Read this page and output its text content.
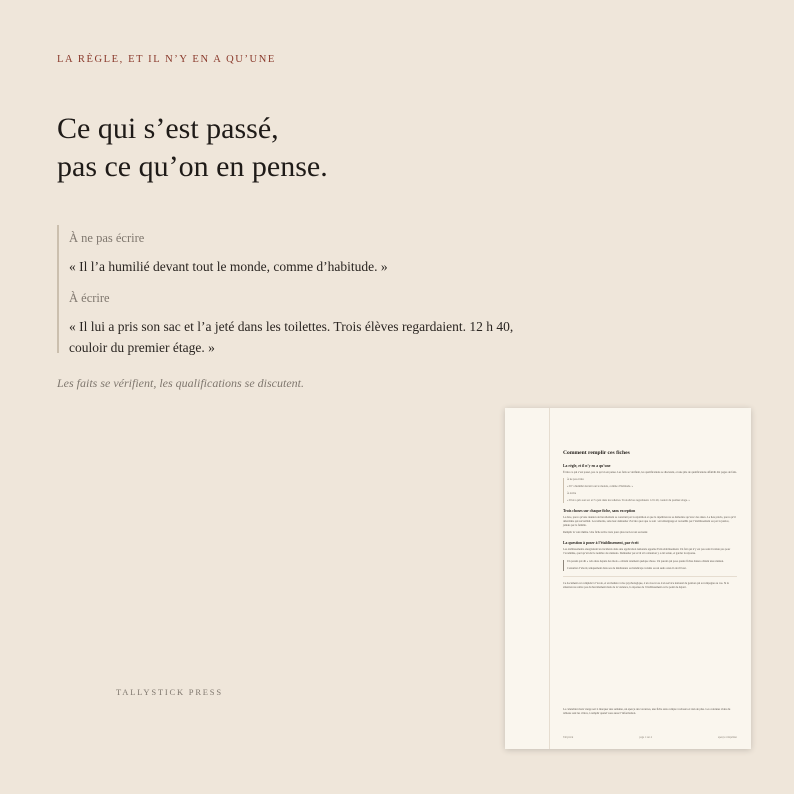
LA RÈGLE, ET IL N’Y EN A QU’UNE
Ce qui s’est passé,
pas ce qu’on en pense.
À ne pas écrire
« Il l’a humilié devant tout le monde, comme d’habitude. »
À écrire
« Il lui a pris son sac et l’a jeté dans les toilettes. Trois élèves regardaient. 12 h 40, couloir du premier étage. »
Les faits se vérifient, les qualifications se discutent.
TALLYSTICK PRESS
Comment remplir ces fiches
La règle, et il n’y en a qu’une
Écrire ce qui s’est passé, pas ce qu’on en pense. Les faits se vérifient, les qualifications se discutent, et une pile de qualifications affaiblit dix pages de faits.
À ne pas écrire
« Il l’a humilié devant tout le monde, comme d’habitude. »
À écrire
« Il lui a pris son sac et l’a jeté dans les toilettes. Trois élèves regardaient. 12 h 40, couloir du premier étage. »
Trois choses sur chaque fiche, sans exception
La date, parce qu’une réunion de harcèlement se construit par la répétition et que la répétition ne se démontre qu’avec des dates. Le lieu précis, parce qu’il détermine qui surveillait. Les témoins, sans leur demander d’écrire quoi que ce soit : en témoignage et recueillis par l’établissement ou par la justice, jamais par la famille.
Remplir la voix même. Une fiche écrite trois jours plus tard est un souvenir.
La question à poser à l’établissement, par écrit
Les établissements enregistrent les incidents dans une application nationale appelée Faits établissement. Un fait qui n’y est pas saisi n’existe pas pour l’académie, quel qu’ait été le nombre de réunions. Demander par écrit si la situation y a été saisie, et garder la réponse.
Un parent qui dit « cela dure depuis des mois » obtient rarement quelque chose. Un parent qui pose quatre fiches datées obtient une réunion.
Consulter d’abord, uniquement dans ses de médiateurs ou handicaps voisins ou un seuls ceux-là de m’tout.
Ce document est complété à l’école, et en matière à rise psychologique, à un avocat ou à un service national de gestion qui accompagne au cas. Si la situation ne relève pas du harcèlement mais de la violence, la réponse de l’établissement est le point de départ.
Le calendrier mois vierge sert à marquer une semaine, un aperçu des vacances, une fiche sans compte à rebours et rien de plus. Les colonnes vides du tableau sont les vôtres, à remplir quand vous aurez l’information.
Tallystick	page 1 sur 4	aperçu à imprimer
